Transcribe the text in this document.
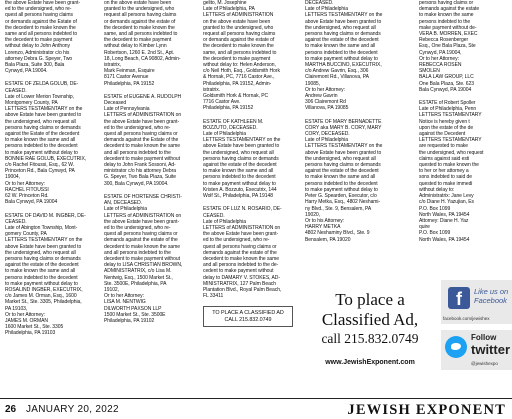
the above Estate have been grant-
ed to the undersigned, who re-
quest all persons having claims
or demands against the Estate of
the decedent to make known the
same and all persons indebted to
the decedent to make payment
without delay to John Anthony
Lorenzo, Administrator c/o his
attorney Debra G. Speyer, Two
Bala Plaza, Suite 300, Bala
Cynwyd, PA 19004.
ESTATE OF ZELDA GOLUB, DE-
CEASED.
Late of Lower Merion Township,
Montgomery County, PA
LETTERS TESTAMENTARY on the
above Estate have been granted to
the undersigned, who request all
persons having claims or demands
against the Estate of the decedent
to make known the same and all
persons indebted to the decedent
to make payment without delay to
BONNIE RAE GOLUB, EXECUTRIX,
c/o Rachel Fitoussi, Esq., 62 W.
Princeton Rd., Bala Cynwyd, PA
19004,
Or to her Attorney:
RACHEL FITOUSSI
62 W. Princeton Rd.
Bala Cynwyd, PA 19004
ESTATE OF DAVID M. INGBER, DE-
CEASED.
Late of Abington Township, Mont-
gomery County, PA
LETTERS TESTAMENTARY on the
above Estate have been granted to
the undersigned, who request all
persons having claims or demands
against the estate of the decedent
to make known the same and all
persons indebted to the decedent
to make payment without delay to
ROSALIND INGBER, EXECUTRIX,
c/o James M. Orman, Esq., 1600
Market St., Ste. 3305, Philadelphia,
PA 19103,
Or to her Attorney:
JAMES M. ORMAN
1600 Market St., Ste. 3305
Philadelphia, PA 19103
on the above estate have been
granted to the undersigned, who
request all persons having claims
or demands against the estate of
the decedent to make known the
same, and all persons indebted to
the decedent to make payment
without delay to Kimber Lynn
Robertson, 1260 E. 2nd St., Apt.
18, Long Beach, CA 90802, Admin-
istratrix,
Mark Feinman, Esquire
8171 Castor Avenue
Philadelphia, PA 19152
ESTATE of EUGENE A. RUDOLPH
Deceased
Late of Pennsylvania
LETTERS of ADMINISTRATION on
the above Estate have been grant-
ed to the undersigned, who re-
quest all persons having claims or
demands against the Estate of the
decedent to make known the same
and all persons indebted to the
decedent to make payment without
delay to John Frank Sossoni, Ad-
ministrator c/o his attorney Debra
G. Speyer, Two Bala Plaza, Suite
300, Bala Cynwyd, PA 19004.
ESTATE OF HORTENSE CHRISTI-
AN, DECEASED.
Late of Philadelphia
LETTERS of ADMINISTRATION on
the above Estate have been grant-
ed to the undersigned, who re-
quest all persons having claims or
demands against the estate of the
decedent to make known the same
and all persons indebted to the
decedent to make payment without
delay to LISA CHRISTIAN BROWN,
ADMINISTRATRIX, c/o Lisa M.
Nentwig, Esq., 1500 Market St.,
Ste. 3500E, Philadelphia, PA
19102,
Or to her Attorney:
LISA M. NENTWIG
DILWORTH PAXSON LLP
1500 Market St., Ste. 3500E
Philadelphia, PA 19102
gelito, M. Josephine
Late of Philadelphia, PA
LETTERS of ADMINISTRATION
on the above estate have been
granted to the undersigned, who
request all persons having claims
or demands against the estate of
the decedent to make known the
same, and all persons indebted to
the decedent to make payment
without delay to: Helen Anderson,
c/o Neil Hoth, Esq., Goldsmith Hork
& Hornak, PC, 7716 Castor Ave.,
Philadelphia, PA 19152, Admin-
istratrix.
Goldsmith Hork & Hornak, PC
7716 Castor Ave.
Philadelphia, PA 19152
ESTATE OF KATHLEEN M.
BOZZUTO, DECEASED.
Late of Philadelphia
LETTERS TESTAMENTARY on the
above Estate have been granted to
the undersigned, who request all
persons having claims or demands
against the estate of the decedent
to make known the same and all
persons indebted to the decedent
to make payment without delay to
Kristen A. Bozzuto, Executrix, 144
Wolf St., Philadelphia, PA 19148
ESTATE OF LUZ N. ROSARIO, DE-
CEASED.
Late of Philadelphia
LETTERS of ADMINISTRATION on
the above Estate have been grant-
ed to the undersigned, who re-
quest all persons having claims or
demands against the estate of the
decedent to make known the same
and all persons indebted to the de-
cedent to make payment without
delay to DAMARY V. STOKES, AD-
MINISTRATRIX, 127 Palm Beach
Plantation Blvd., Royal Palm Beach,
FL 33411
TO PLACE A CLASSIFIED AD
CALL 215.832.0749
DECEASED.
Late of Philadelphia
LETTERS TESTAMENTARY on the
above Estate have been granted to
the undersigned, who request all
persons having claims or demands
against the estate of the decedent
to make known the same and all
persons indebted to the decedent
to make payment without delay to
MARTHA BUCCINO, EXECUTRIX,
c/o Andrew Gavrin, Esq., 306
Clairemont Rd., Villanova, PA
19085,
Or to her Attorney:
Andrew Gavrin
306 Clairemont Rd
Villanova, PA 19085
ESTATE OF MARY BERNADETTE
CORY aka MARY B. CORY, MARY
CORY, DECEASED.
Late of Philadelphia
LETTERS TESTAMENTARY on the
above Estate have been granted to
the undersigned, who request all
persons having claims or demands
against the estate of the decedent
to make known the same and all
persons indebted to the decedent
to make payment without delay to
Peter G. Spearden, Executor, c/o
Harry Metka, Esq., 4802 Neshami-
ny Blvd., Ste. 9, Bensalem, PA
19020,
Or to his Attorney:
HARRY METKA
4802 Neshaminy Blvd., Ste. 9
Bensalem, PA 19020
persons having claims or
demands against the estate
to make known the same
persons indebted to the
make payment without de-
VERA B. MORREN, EXEC
Rebecca Rosenberger
Esq., One Bala Plaza, Ste
Cynwyd, PA 19004,
Or to her Attorney:
REBECCA ROSEN
SMOLEN
BALA LAW GROUP, LLC
One Bala Plaza, Ste. 623
Bala Cynwyd, PA 19004
ESTATE of Robert Spoller
Late of Philadelphia, Penn
LETTERS TESTAMENTARY
Notice is hereby given t
upon the estate of the de
against the Decedent
LETTERS TESTAMENTARY
are requested to make
the undersigned, who request
claims against said esti
quested to make known the
to her or her attorney a
sons indebted to said de
quested to make immedi
without delay to:
Administratrix: Jane Levy
c/o Diane H. Yazujian, Es
P.O. Box 1099
North Wales, PA 19454
Attorney: Diane H. Yaz
quire
P.O. Box 1099
North Wales, PA 19454
To place a
Classified Ad,
call 215.832.0749
www.JewishExponent.com
f	Like us on Facebook
facebook.com/jewishex
Follow
twitter
@jewishexpo
26 JANUARY 20, 2022	JEWISH EXPONENT
